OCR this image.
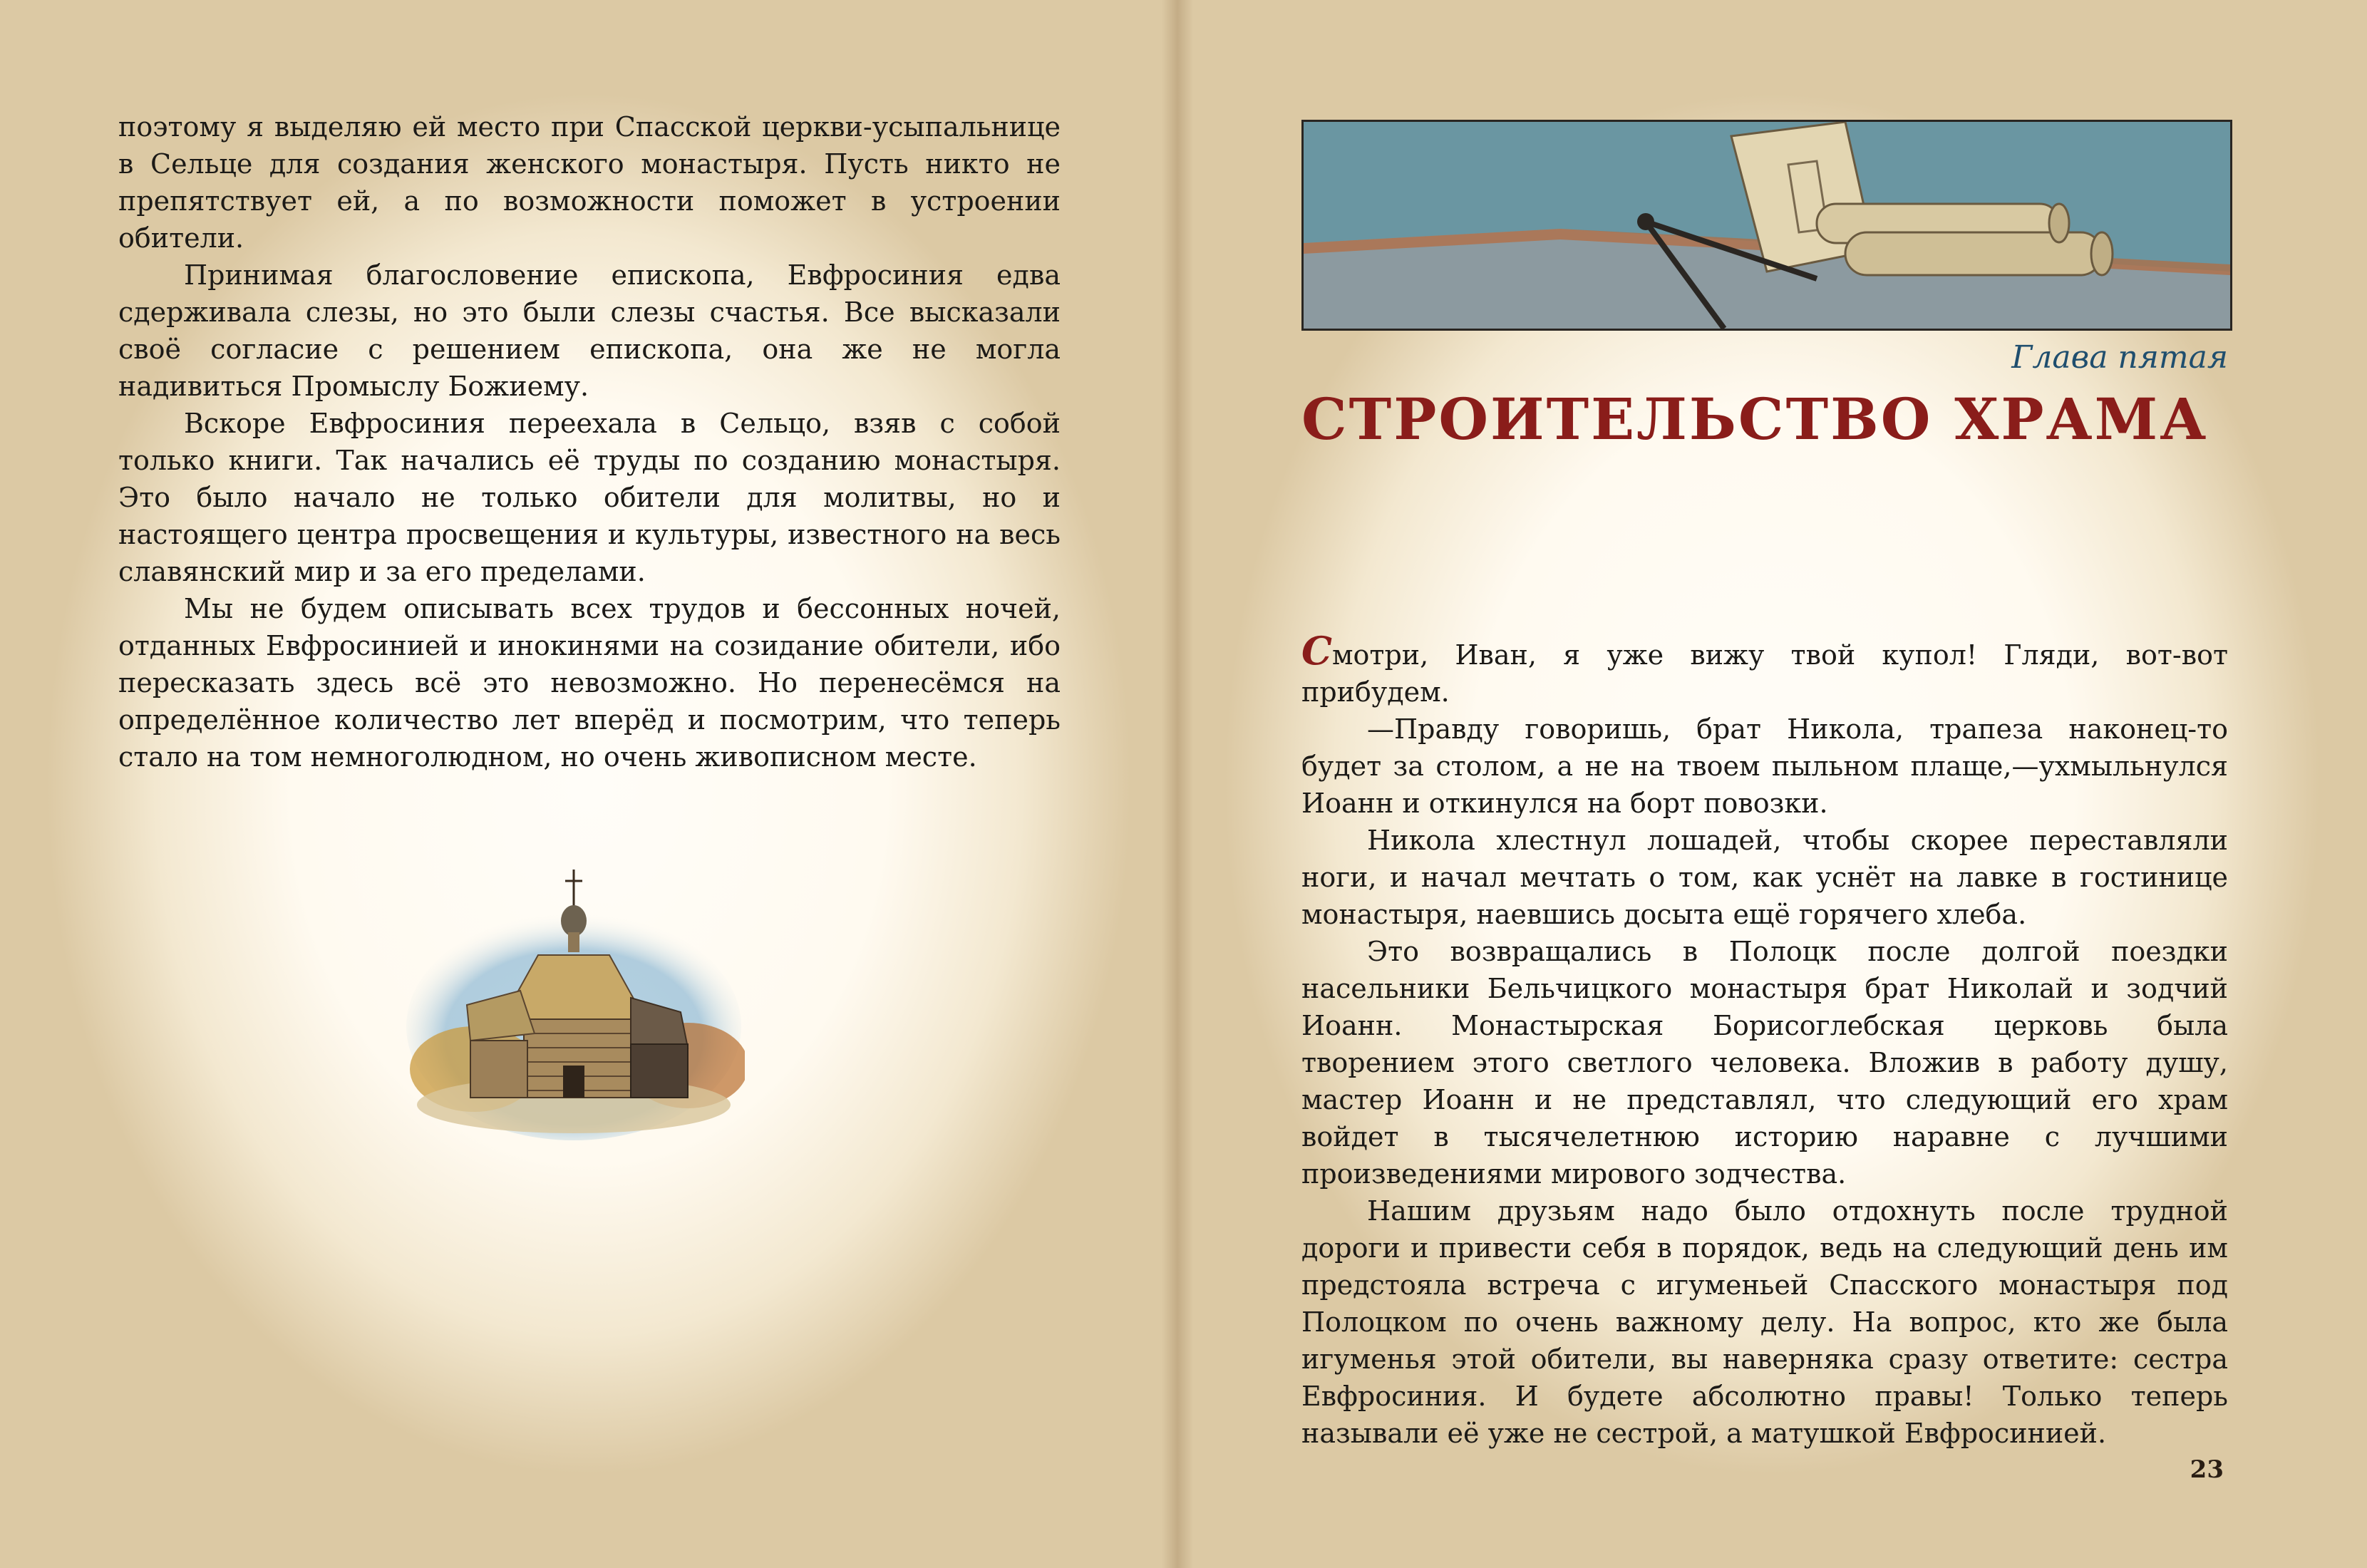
поэтому я выделяю ей место при Спасской церкви-усыпальнице в Сельце для создания женского монастыря. Пусть никто не препятствует ей, а по возможности поможет в устроении обители.

Принимая благословение епископа, Евфросиния едва сдерживала слезы, но это были слезы счастья. Все высказали своё согласие с решением епископа, она же не могла надивиться Промыслу Божиему.

Вскоре Евфросиния переехала в Сельцо, взяв с собой только книги. Так начались её труды по созданию монастыря. Это было начало не только обители для молитвы, но и настоящего центра просвещения и культуры, известного на весь славянский мир и за его пределами.

Мы не будем описывать всех трудов и бессонных ночей, отданных Евфросинией и инокинями на созидание обители, ибо пересказать здесь всё это невозможно. Но перенесёмся на определённое количество лет вперёд и посмотрим, что теперь стало на том немноголюдном, но очень живописном месте.

Глава пятая
СТРОИТЕЛЬСТВО ХРАМА

Смотри, Иван, я уже вижу твой купол! Гляди, вот-вот прибудем.

—Правду говоришь, брат Никола, трапеза наконец-то будет за столом, а не на твоем пыльном плаще,—ухмыльнулся Иоанн и откинулся на борт повозки.

Никола хлестнул лошадей, чтобы скорее переставляли ноги, и начал мечтать о том, как уснёт на лавке в гостинице монастыря, наевшись досыта ещё горячего хлеба.

Это возвращались в Полоцк после долгой поездки насельники Бельчицкого монастыря брат Николай и зодчий Иоанн. Монастырская Борисоглебская церковь была творением этого светлого человека. Вложив в работу душу, мастер Иоанн и не представлял, что следующий его храм войдет в тысячелетнюю историю наравне с лучшими произведениями мирового зодчества.

Нашим друзьям надо было отдохнуть после трудной дороги и привести себя в порядок, ведь на следующий день им предстояла встреча с игуменьей Спасского монастыря под Полоцком по очень важному делу. На вопрос, кто же была игуменья этой обители, вы наверняка сразу ответите: сестра Евфросиния. И будете абсолютно правы! Только теперь называли её уже не сестрой, а матушкой Евфросинией.

23
